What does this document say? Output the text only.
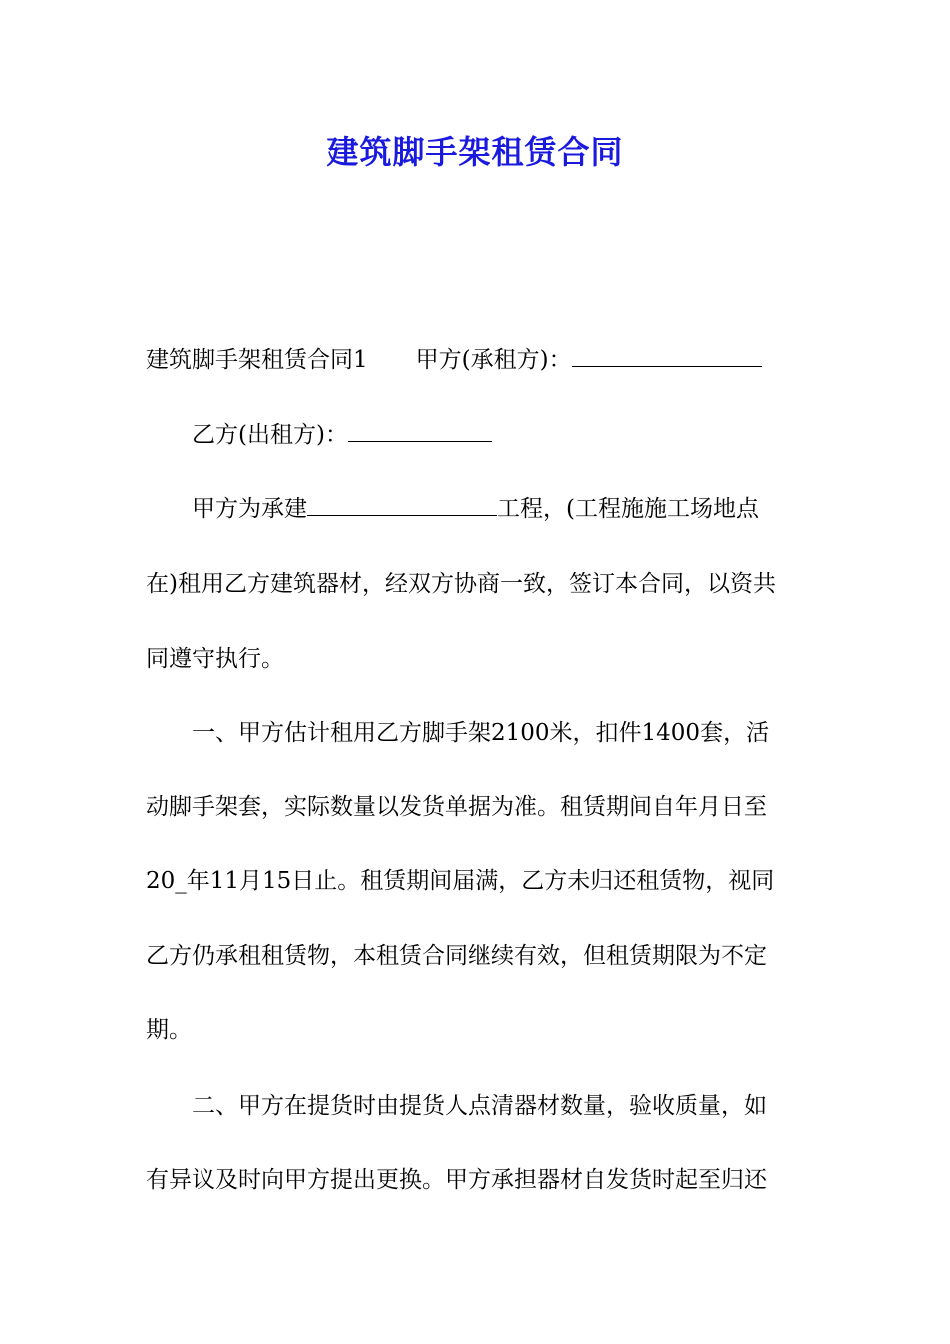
建筑脚手架租赁合同
建筑脚手架租赁合同1 甲方(承租方)：
乙方(出租方)：
甲方为承建	工程，(工程施施工场地点
在)租用乙方建筑器材，经双方协商一致，签订本合同，以资共
同遵守执行。
一、甲方估计租用乙方脚手架2100米，扣件1400套，活
动脚手架套，实际数量以发货单据为准。租赁期间自年月日至
20_年11月15日止。租赁期间届满，乙方未归还租赁物，视同
乙方仍承租租赁物，本租赁合同继续有效，但租赁期限为不定
期。
二、甲方在提货时由提货人点清器材数量，验收质量，如
有异议及时向甲方提出更换。甲方承担器材自发货时起至归还
